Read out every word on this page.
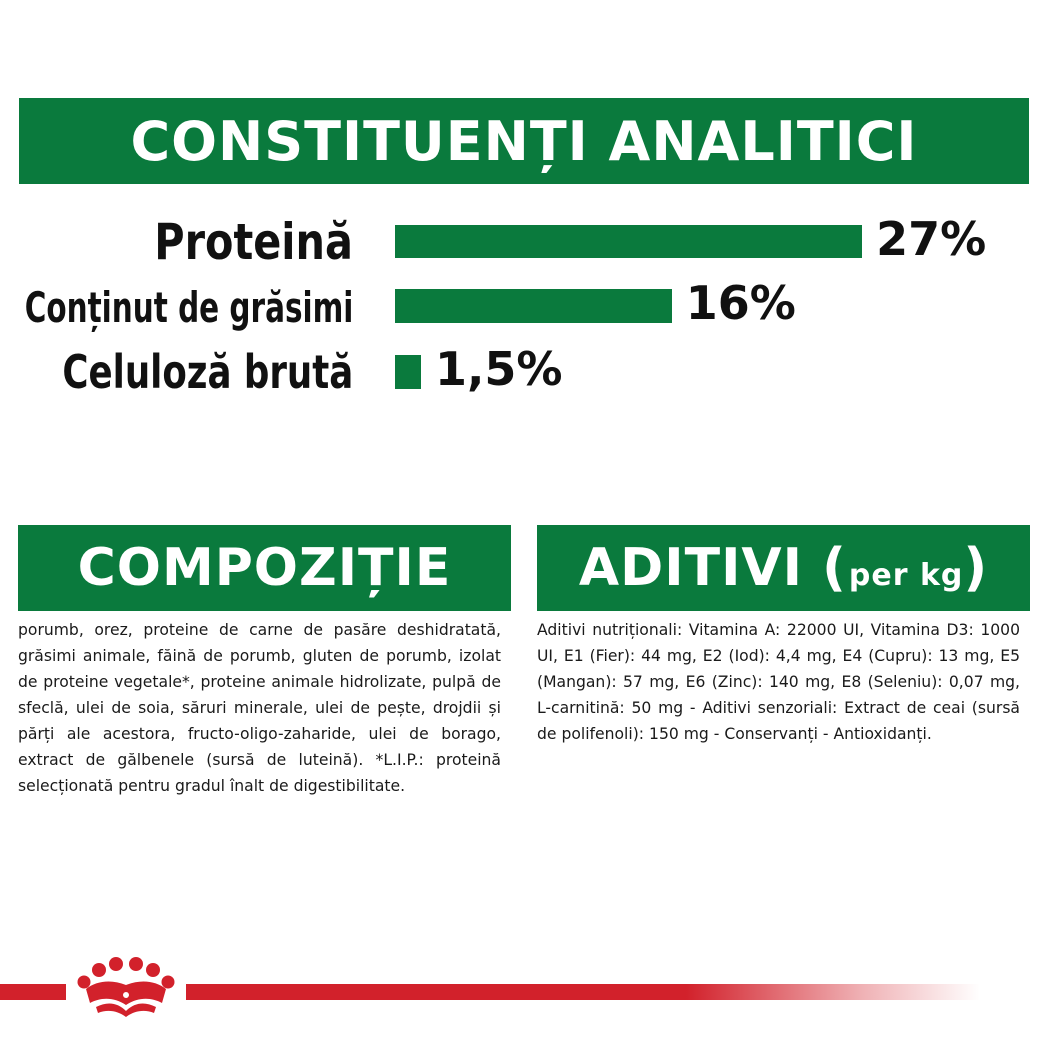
CONSTITUENȚI ANALITICI
Proteină	27%
Conținut de grăsimi	16%
Celuloză brută 1,5%
COMPOZIȚIE
porumb, orez, proteine de carne de pasăre deshidratată, grăsimi animale, făină de porumb, gluten de porumb, izolat de proteine vegetale*, proteine animale hidrolizate, pulpă de sfeclă, ulei de soia, săruri minerale, ulei de pește, drojdii și părți ale acestora, fructo-oligo-zaharide, ulei de borago, extract de gălbenele (sursă de luteină). *L.I.P.: proteină selecționată pentru gradul înalt de digestibilitate.
ADITIVI (per kg)
Aditivi nutriționali: Vitamina A: 22000 UI, Vitamina D3: 1000 UI, E1 (Fier): 44 mg, E2 (Iod): 4,4 mg, E4 (Cupru): 13 mg, E5 (Mangan): 57 mg, E6 (Zinc): 140 mg, E8 (Seleniu): 0,07 mg, L-carnitină: 50 mg - Aditivi senzoriali: Extract de ceai (sursă de polifenoli): 150 mg - Conservanți - Antioxidanți.
